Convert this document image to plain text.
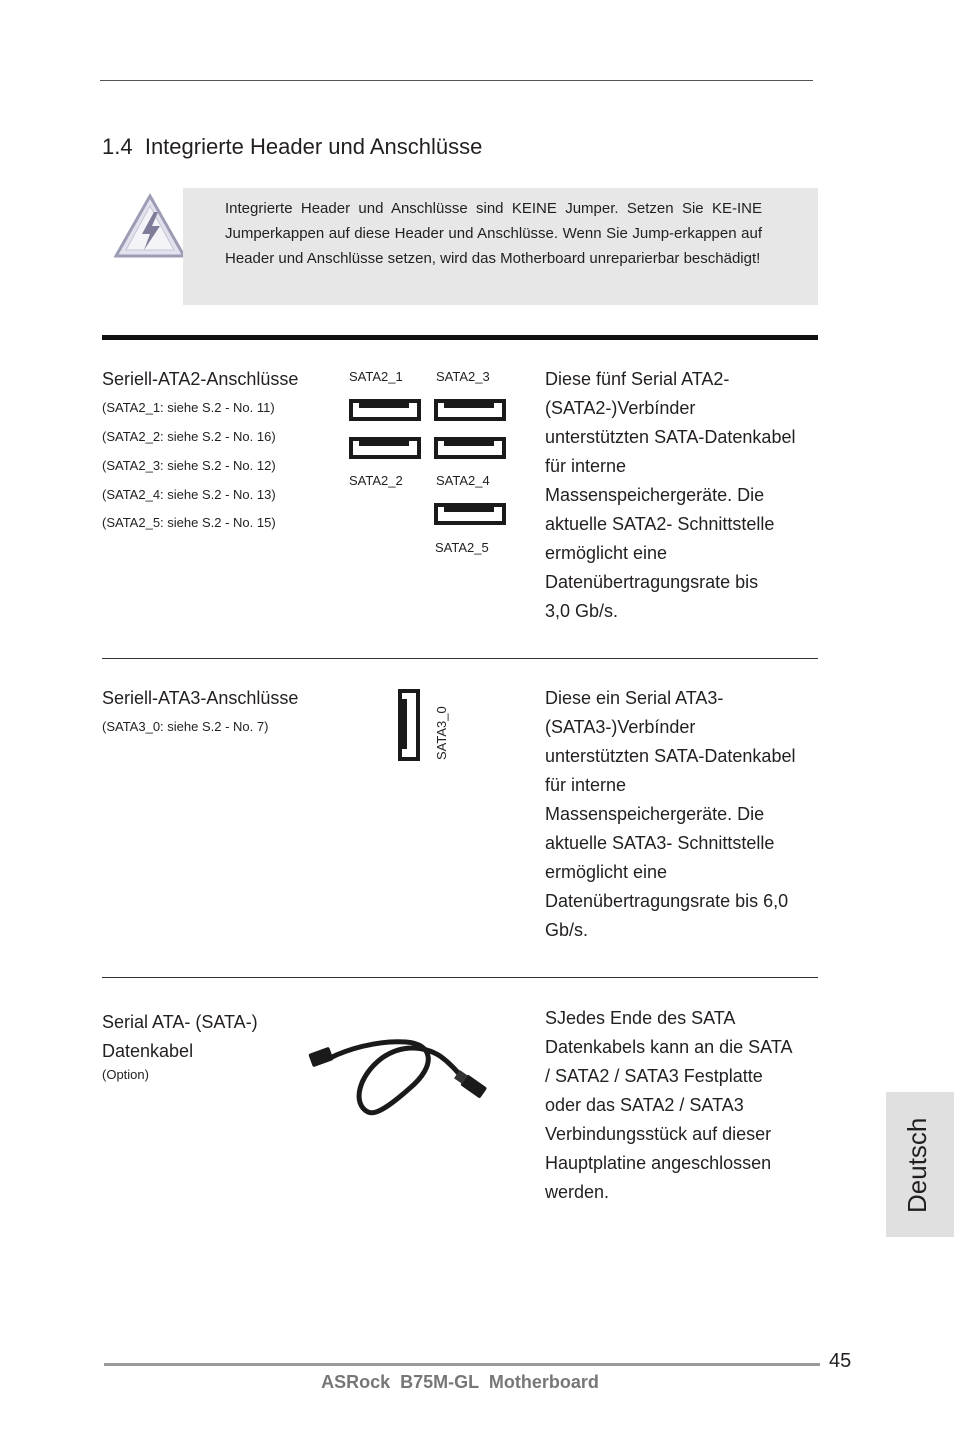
1.4 Integrierte Header und Anschlüsse
Integrierte Header und Anschlüsse sind KEINE Jumper. Setzen Sie KE-INE Jumperkappen auf diese Header und Anschlüsse. Wenn Sie Jump-erkappen auf Header und Anschlüsse setzen, wird das Motherboard unreparierbar beschädigt!
Seriell-ATA2-Anschlüsse
(SATA2_1: siehe S.2 - No. 11)
(SATA2_2: siehe S.2 - No. 16)
(SATA2_3: siehe S.2 - No. 12)
(SATA2_4: siehe S.2 - No. 13)
(SATA2_5: siehe S.2 - No. 15)
SATA2_1	SATA2_3
SATA2_2	SATA2_4
SATA2_5
Diese fünf Serial ATA2-
(SATA2-)Verbínder
unterstützten SATA-Datenkabel
für interne
Massenspeichergeräte. Die
aktuelle SATA2- Schnittstelle
ermöglicht eine
Datenübertragungsrate bis
3,0 Gb/s.
Seriell-ATA3-Anschlüsse
(SATA3_0: siehe S.2 - No. 7)	SATA3_0
Diese ein Serial ATA3-
(SATA3-)Verbínder
unterstützten SATA-Datenkabel
für interne
Massenspeichergeräte. Die
aktuelle SATA3- Schnittstelle
ermöglicht eine
Datenübertragungsrate bis 6,0
Gb/s.
Serial ATA- (SATA-)
Datenkabel
(Option)
SJedes Ende des SATA
Datenkabels kann an die SATA
/ SATA2 / SATA3 Festplatte
oder das SATA2 / SATA3
Verbindungsstück auf dieser
Hauptplatine angeschlossen
werden.	Deutsch
ASRock  B75M-GL  Motherboard
45
